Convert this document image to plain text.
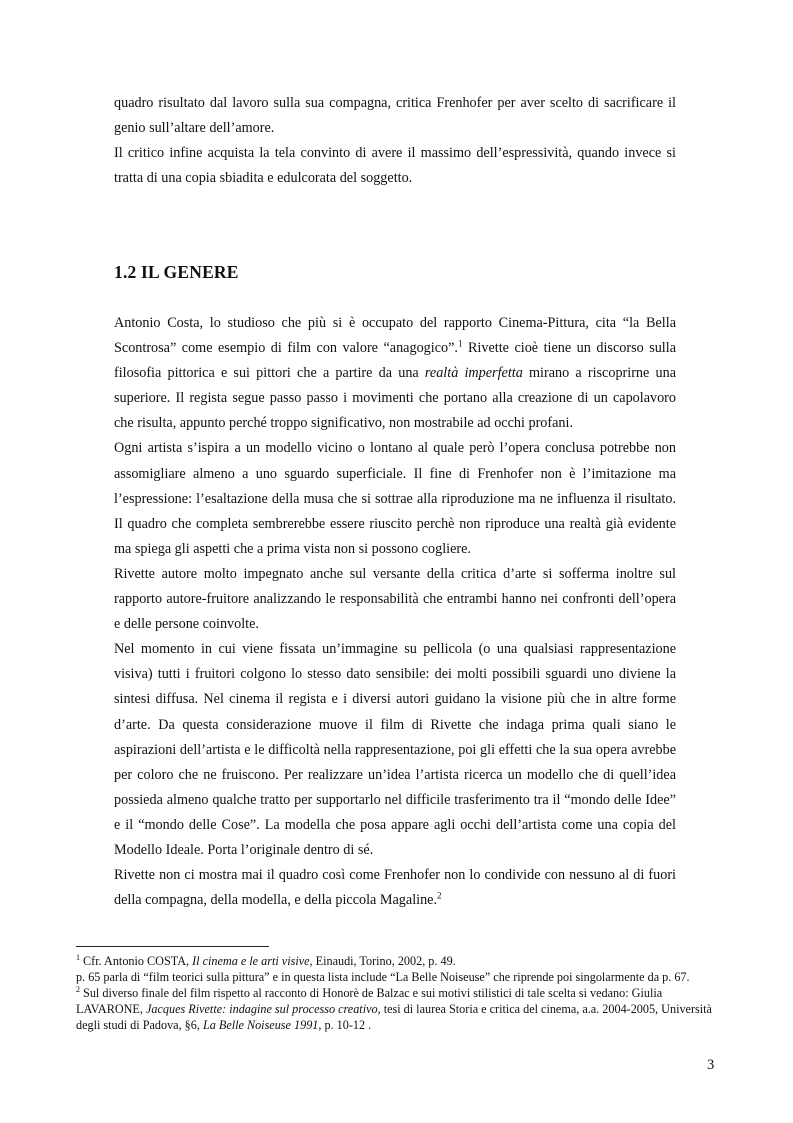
quadro risultato dal lavoro sulla sua compagna, critica Frenhofer per aver scelto di sacrificare il genio sull’altare dell’amore.

Il critico infine acquista la tela convinto di avere il massimo dell’espressività, quando invece si tratta di una copia sbiadita e edulcorata del soggetto.

1.2 IL GENERE

Antonio Costa, lo studioso che più si è occupato del rapporto Cinema-Pittura, cita “la Bella Scontrosa” come esempio di film con valore “anagogico”.$^1$ Rivette cioè tiene un discorso sulla filosofia pittorica e sui pittori che a partire da una realtà imperfetta mirano a riscoprirne una superiore. Il regista segue passo passo i movimenti che portano alla creazione di un capolavoro che risulta, appunto perché troppo significativo, non mostrabile ad occhi profani.

Ogni artista s’ispira a un modello vicino o lontano al quale però l’opera conclusa potrebbe non assomigliare almeno a uno sguardo superficiale. Il fine di Frenhofer non è l’imitazione ma l’espressione: l’esaltazione della musa che si sottrae alla riproduzione ma ne influenza il risultato. Il quadro che completa sembrerebbe essere riuscito perchè non riproduce una realtà già evidente ma spiega gli aspetti che a prima vista non si possono cogliere.

Rivette autore molto impegnato anche sul versante della critica d’arte si sofferma inoltre sul rapporto autore-fruitore analizzando le responsabilità che entrambi hanno nei confronti dell’opera e delle persone coinvolte.

Nel momento in cui viene fissata un’immagine su pellicola (o una qualsiasi rappresentazione visiva) tutti i fruitori colgono lo stesso dato sensibile: dei molti possibili sguardi uno diviene la sintesi diffusa. Nel cinema il regista e i diversi autori guidano la visione più che in altre forme d’arte. Da questa considerazione muove il film di Rivette che indaga prima quali siano le aspirazioni dell’artista e le difficoltà nella rappresentazione, poi gli effetti che la sua opera avrebbe per coloro che ne fruiscono. Per realizzare un’idea l’artista ricerca un modello che di quell’idea possieda almeno qualche tratto per supportarlo nel difficile trasferimento tra il “mondo delle Idee” e il “mondo delle Cose”. La modella che posa appare agli occhi dell’artista come una copia del Modello Ideale. Porta l’originale dentro di sé.

Rivette non ci mostra mai il quadro così come Frenhofer non lo condivide con nessuno al di fuori della compagna, della modella, e della piccola Magaline.$^2$

$^1$ Cfr. Antonio COSTA, Il cinema e le arti visive, Einaudi, Torino, 2002, p. 49.

p. 65 parla di “film teorici sulla pittura” e in questa lista include “La Belle Noiseuse” che riprende poi singolarmente da p. 67.

$^2$ Sul diverso finale del film rispetto al racconto di Honorè de Balzac e sui motivi stilistici di tale scelta si vedano: Giulia LAVARONE, Jacques Rivette: indagine sul processo creativo, tesi di laurea Storia e critica del cinema, a.a. 2004-2005, Università degli studi di Padova, §6, La Belle Noiseuse 1991, p. 10-12 .

3
